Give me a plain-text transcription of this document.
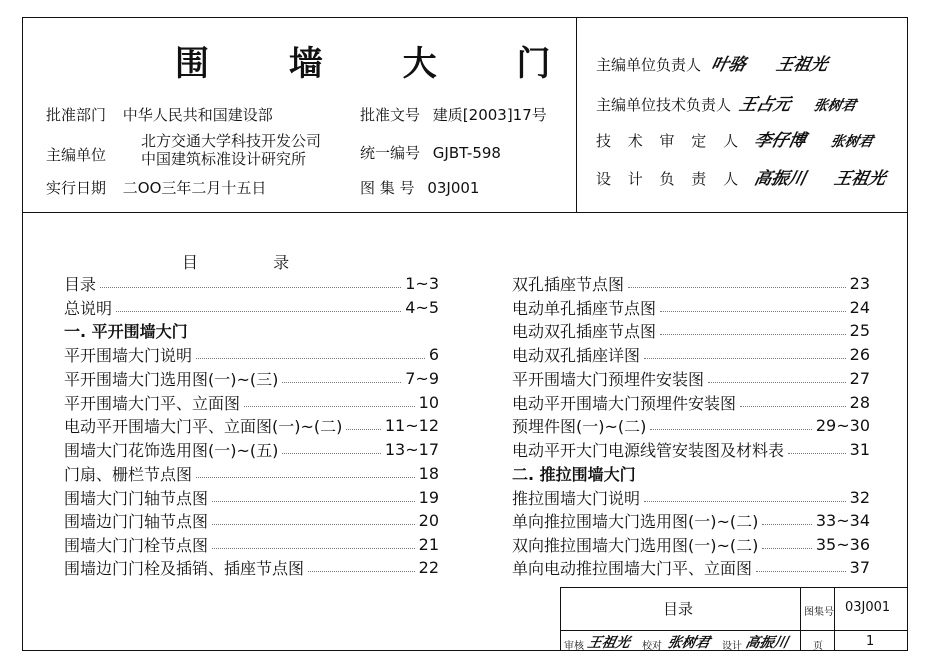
围 墙 大 门
批准部门 中华人民共和国建设部
主编单位
北方交通大学科技开发公司
中国建筑标准设计研究所
实行日期 二OO三年二月十五日
批准文号 建质[2003]17号
统一编号 GJBT-598
图 集 号 03J001
主编单位负责人 叶骆 王祖光
主编单位技术负责人 王占元 张树君
技 术 审 定 人 李仔博 张树君
设 计 负 责 人 高振川 王祖光
目 录
目录	1~3
总说明	4~5
一. 平开围墙大门
平开围墙大门说明	6
平开围墙大门选用图(一)~(三)	7~9
平开围墙大门平、立面图	10
电动平开围墙大门平、立面图(一)~(二)	11~12
围墙大门花饰选用图(一)~(五)	13~17
门扇、栅栏节点图	18
围墙大门门轴节点图	19
围墙边门门轴节点图	20
围墙大门门栓节点图	21
围墙边门门栓及插销、插座节点图	22
双孔插座节点图	23
电动单孔插座节点图	24
电动双孔插座节点图	25
电动双孔插座详图	26
平开围墙大门预埋件安装图	27
电动平开围墙大门预埋件安装图	28
预埋件图(一)~(二)	29~30
电动平开大门电源线管安装图及材料表	31
二. 推拉围墙大门
推拉围墙大门说明	32
单向推拉围墙大门选用图(一)~(二)	33~34
双向推拉围墙大门选用图(一)~(二)	35~36
单向电动推拉围墙大门平、立面图	37
目录	图集号 03J001
审核 王祖光 校对 张树君 设计 高振川 页	1
